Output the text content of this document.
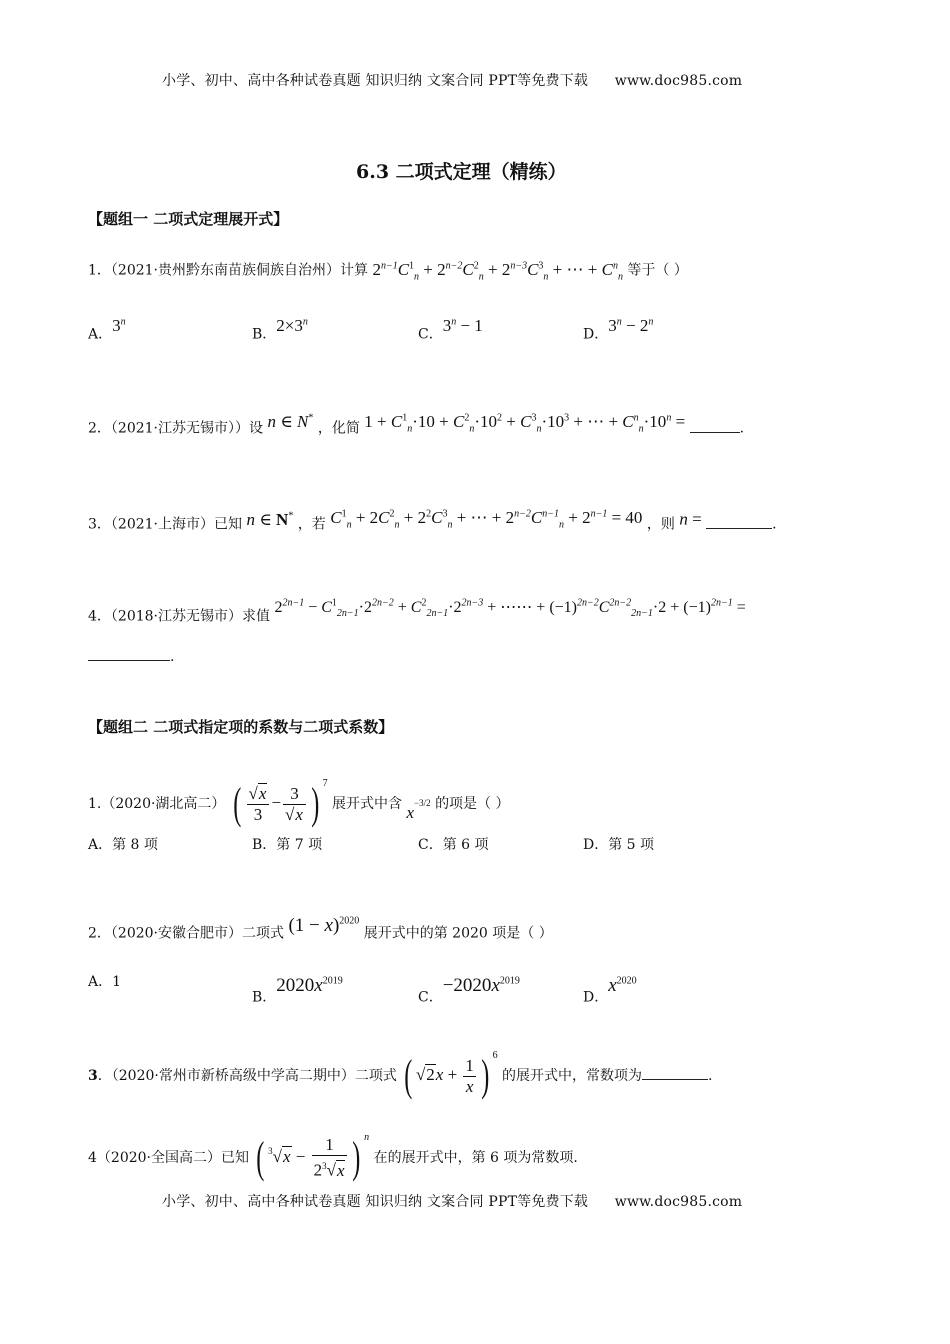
小学、初中、高中各种试卷真题 知识归纳 文案合同 PPT等免费下载 www.doc985.com
6.3 二项式定理（精练）
【题组一 二项式定理展开式】
1．（2021·贵州黔东南苗族侗族自治州）计算 $2^{n-1}C^1_n + 2^{n-2}C^2_n + 2^{n-3}C^3_n$ + ⋯ + $C^n_n$ 等于（ ）
A．3$^n$
B．$2\times 3^n$
C．$3^n - 1$	D．$3^n - 2^n$
2．（2021·江苏无锡市））设 n ∈ N* ，化简 $1 + C^1_n\cdot 10 + C^2_n\cdot 10^2 + C^3_n\cdot 10^3$ + ⋯ + $C^n_n\cdot 10^n$ =	.
3．（2021·上海市）已知 n ∈ N* ，若 $C^1_n + 2C^2_n + 2^2C^3_n$ + ⋯ + $2^{n-2}C^{n-1}_n + 2^{n-1} = 40$ ，则 n =	.
4．（2018·江苏无锡市）求值 $2^{2n-1} - C^1_{2n-1}\cdot 2^{2n-2} + C^2_{2n-1}\cdot 2^{2n-3}$ + ⋯⋯ + $(-1)^{2n-2}C^{2n-2}_{2n-1}\cdot 2 + (-1)^{2n-1}$ =
.
【题组二 二项式指定项的系数与二项式系数】
1.（2020·湖北高二） ( $\frac{√x}{3} - \frac{3}{√x}$ ) $^7$ 展开式中含 $x^{-3/2}$ 的项是（ ）
A．第 8 项	B．第 7 项	C．第 6 项	D．第 5 项
2．（2020·安徽合肥市）二项式 $(1 - x)^{2020}$ 展开式中的第 2020 项是（ ）
A．1
B．$2020x^{2019}$
C．$-2020x^{2019}$
D．$x^{2020}$
3．（2020·常州市新桥高级中学高二期中）二项式 ( $√2x + \frac{1}{x}$ ) $^6$ 的展开式中，常数项为	.
4（2020·全国高二）已知 ( $^3√x - \frac{1}{2^3√x}$ ) $^n$ 在的展开式中，第 6 项为常数项.
小学、初中、高中各种试卷真题 知识归纳 文案合同 PPT等免费下载 www.doc985.com
